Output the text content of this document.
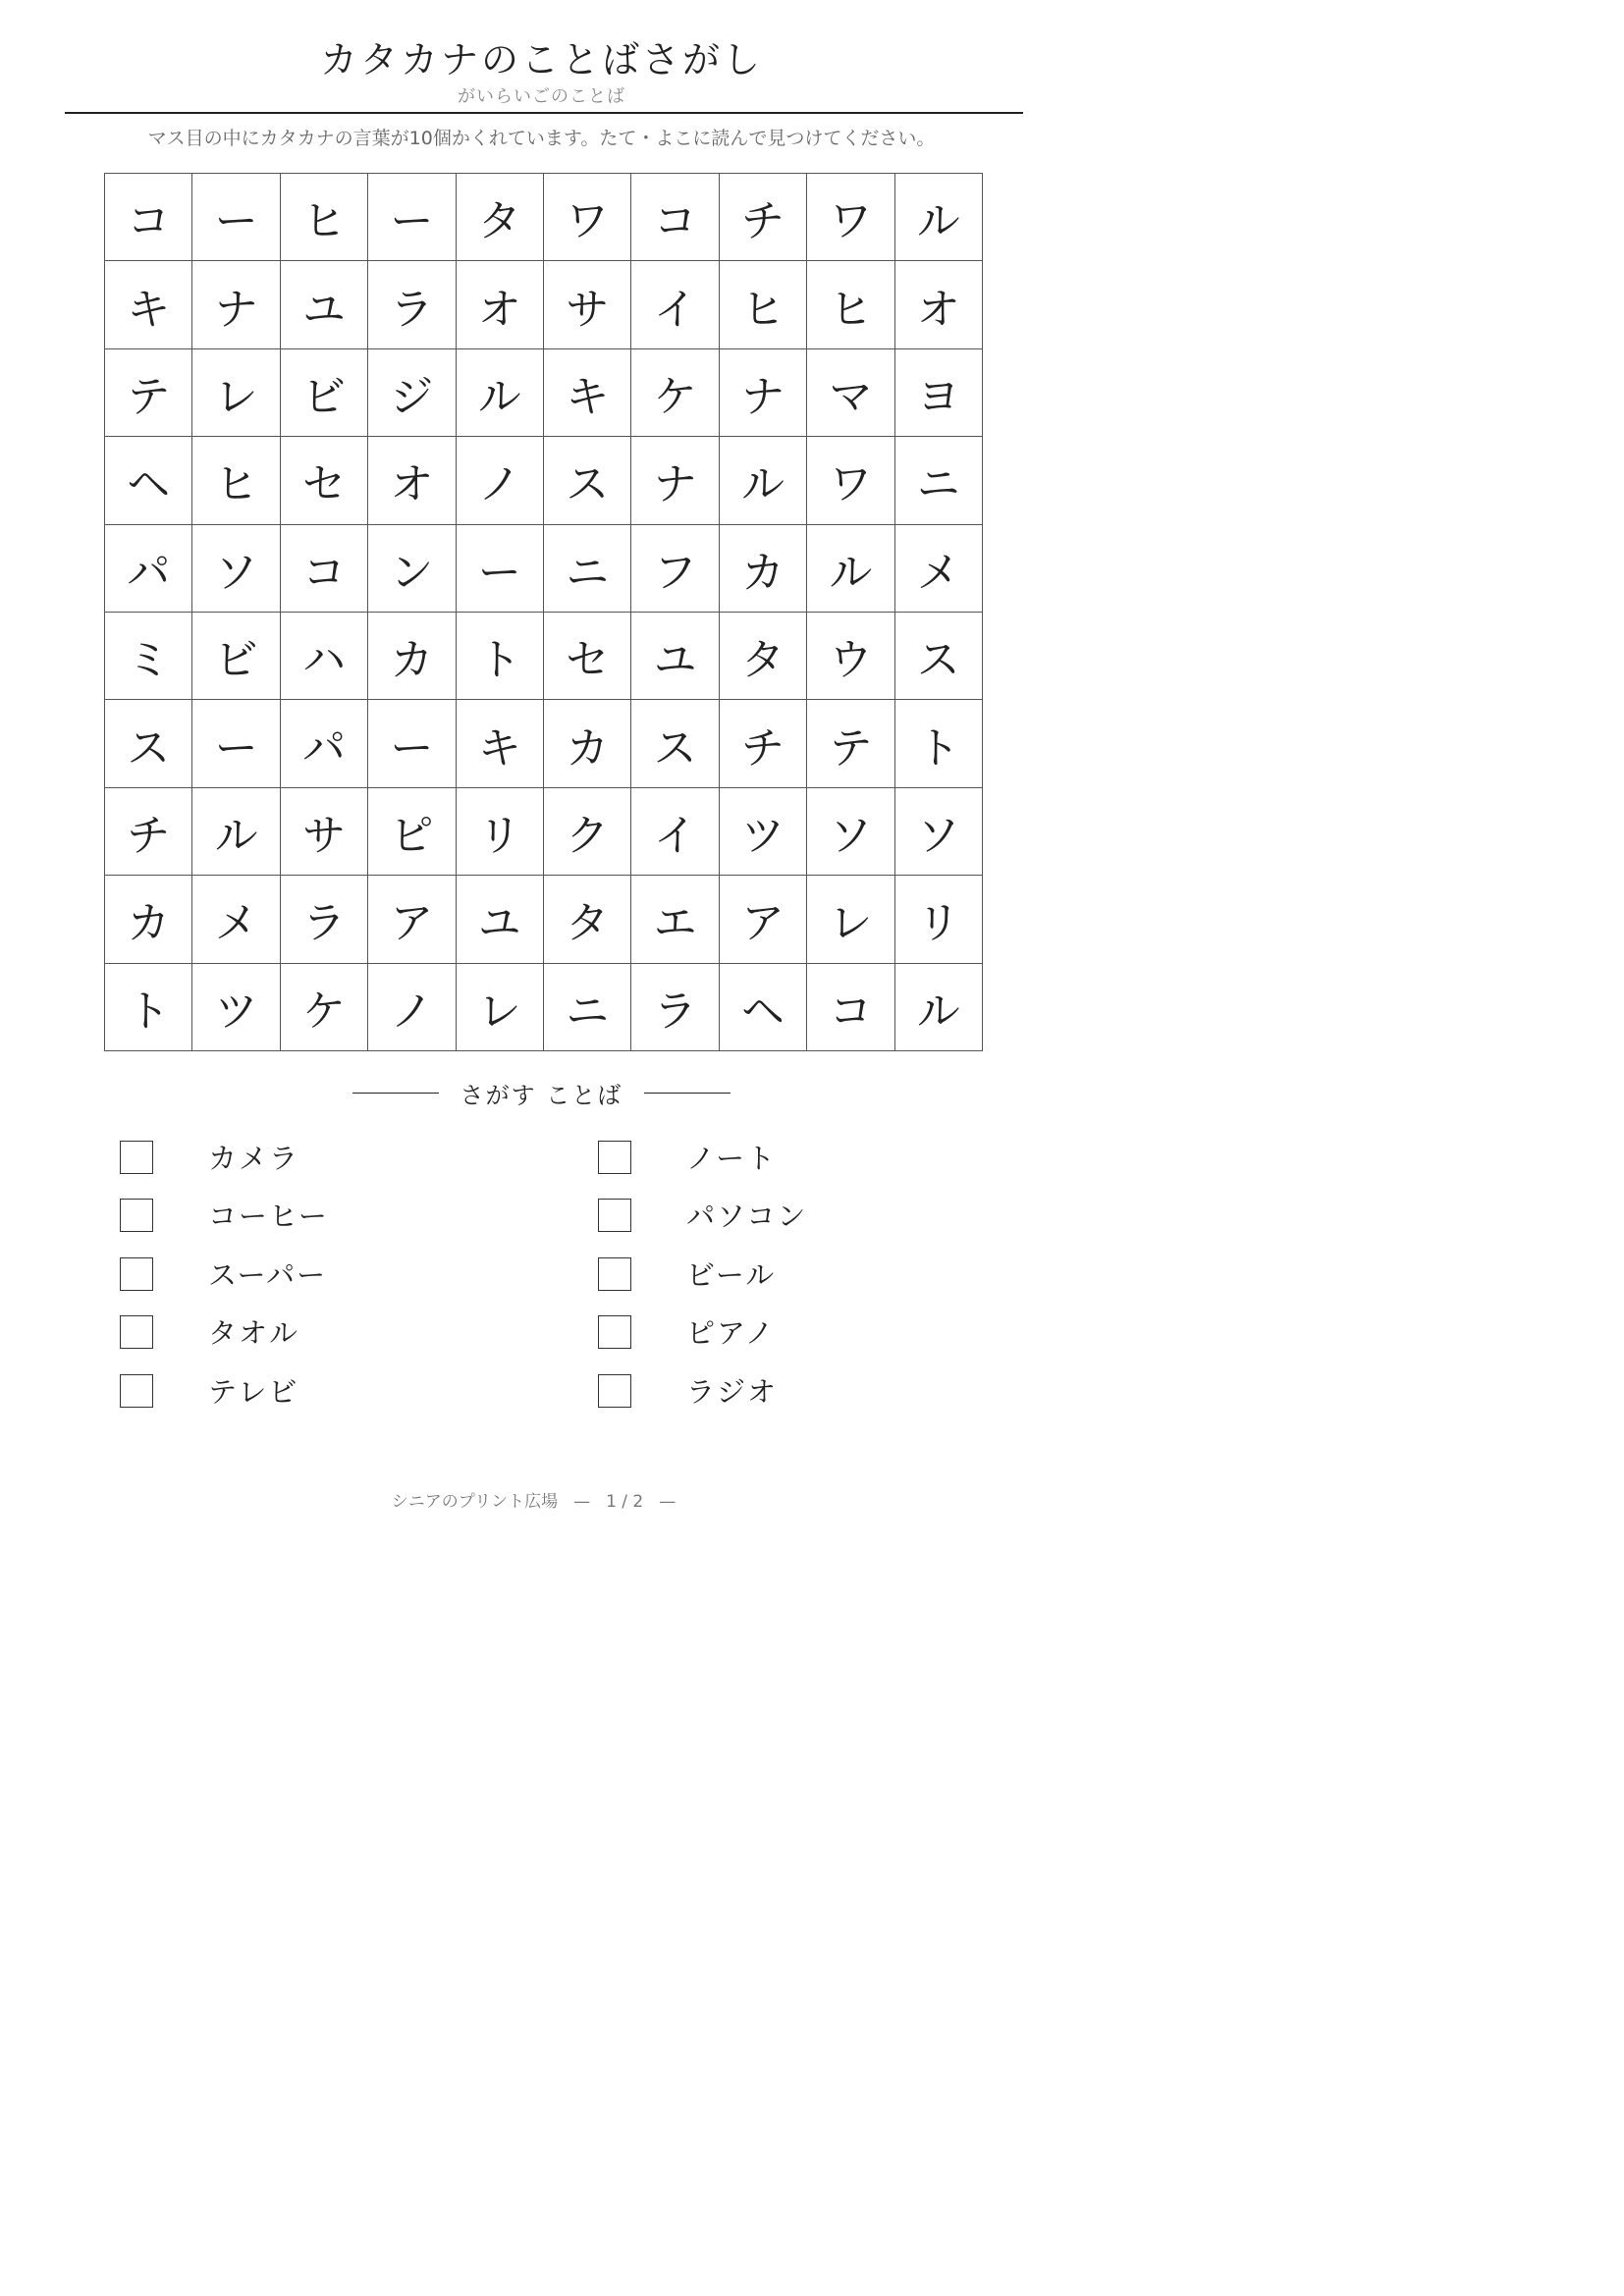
カタカナのことばさがし
がいらいごのことば
マス目の中にカタカナの言葉が10個かくれています。たて・よこに読んで見つけてください。
コ	ー	ヒ	ー	タ	ワ	コ	チ	ワ	ル
キ	ナ	ユ	ラ	オ	サ	イ	ヒ	ヒ	オ
テ	レ	ビ	ジ	ル	キ	ケ	ナ	マ	ヨ
ヘ	ヒ	セ	オ	ノ	ス	ナ	ル	ワ	ニ
パ	ソ	コ	ン	ー	ニ	フ	カ	ル	メ
ミ	ビ	ハ	カ	ト	セ	ユ	タ	ウ	ス
ス	ー	パ	ー	キ	カ	ス	チ	テ	ト
チ	ル	サ	ピ	リ	ク	イ	ツ	ソ	ソ
カ	メ	ラ	ア	ユ	タ	エ	ア	レ	リ
ト	ツ	ケ	ノ	レ	ニ	ラ	ヘ	コ	ル
さがす ことば
カメラ
コーヒー
スーパー
タオル
テレビ
ノート
パソコン
ビール
ピアノ
ラジオ
シニアのプリント広場 — 1 / 2 —
